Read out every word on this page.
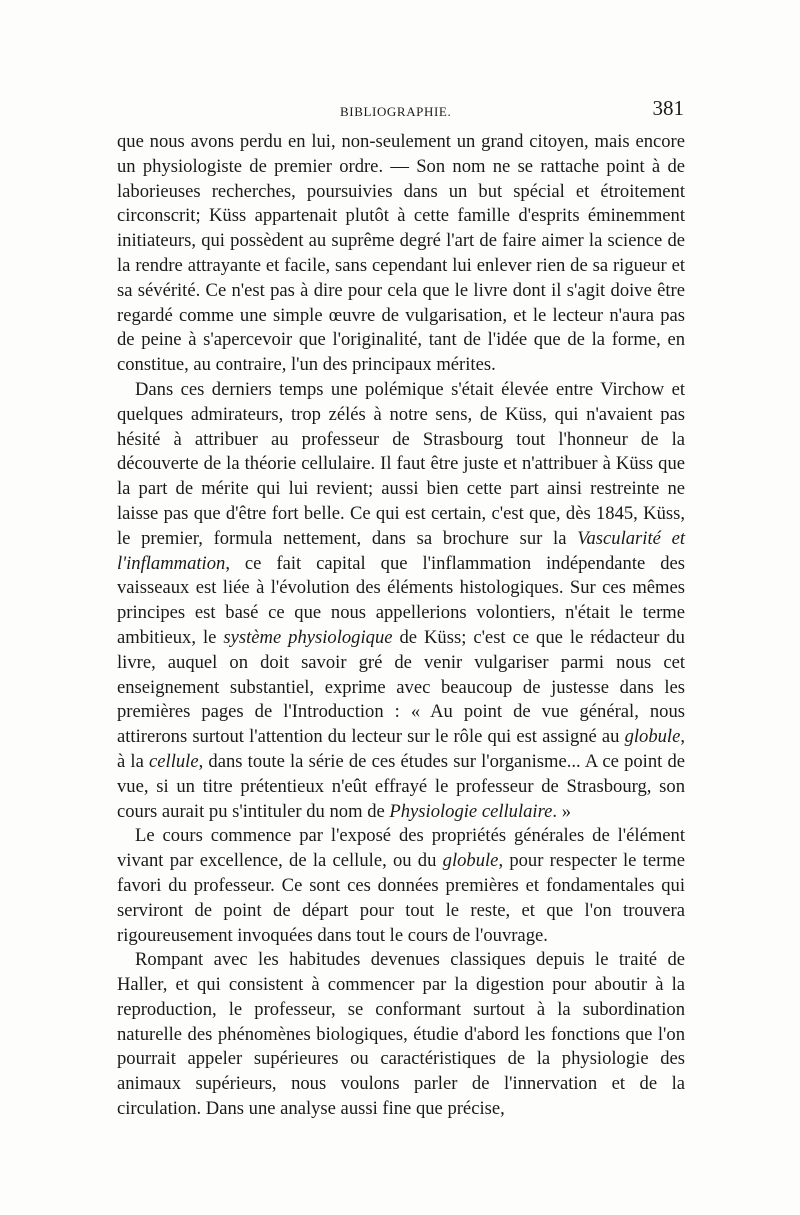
BIBLIOGRAPHIE.	381

que nous avons perdu en lui, non-seulement un grand citoyen, mais encore un physiologiste de premier ordre. — Son nom ne se rattache point à de laborieuses recherches, poursuivies dans un but spécial et étroitement circonscrit; Küss appartenait plutôt à cette famille d'esprits éminemment initiateurs, qui possèdent au suprême degré l'art de faire aimer la science de la rendre attrayante et facile, sans cependant lui enlever rien de sa rigueur et sa sévérité. Ce n'est pas à dire pour cela que le livre dont il s'agit doive être regardé comme une simple œuvre de vulgarisation, et le lecteur n'aura pas de peine à s'apercevoir que l'originalité, tant de l'idée que de la forme, en constitue, au contraire, l'un des principaux mérites.

Dans ces derniers temps une polémique s'était élevée entre Virchow et quelques admirateurs, trop zélés à notre sens, de Küss, qui n'avaient pas hésité à attribuer au professeur de Strasbourg tout l'honneur de la découverte de la théorie cellulaire. Il faut être juste et n'attribuer à Küss que la part de mérite qui lui revient; aussi bien cette part ainsi restreinte ne laisse pas que d'être fort belle. Ce qui est certain, c'est que, dès 1845, Küss, le premier, formula nettement, dans sa brochure sur la Vascularité et l'inflammation, ce fait capital que l'inflammation indépendante des vaisseaux est liée à l'évolution des éléments histologiques. Sur ces mêmes principes est basé ce que nous appellerions volontiers, n'était le terme ambitieux, le système physiologique de Küss; c'est ce que le rédacteur du livre, auquel on doit savoir gré de venir vulgariser parmi nous cet enseignement substantiel, exprime avec beaucoup de justesse dans les premières pages de l'Introduction : « Au point de vue général, nous attirerons surtout l'attention du lecteur sur le rôle qui est assigné au globule, à la cellule, dans toute la série de ces études sur l'organisme... A ce point de vue, si un titre prétentieux n'eût effrayé le professeur de Strasbourg, son cours aurait pu s'intituler du nom de Physiologie cellulaire. »

Le cours commence par l'exposé des propriétés générales de l'élément vivant par excellence, de la cellule, ou du globule, pour respecter le terme favori du professeur. Ce sont ces données premières et fondamentales qui serviront de point de départ pour tout le reste, et que l'on trouvera rigoureusement invoquées dans tout le cours de l'ouvrage.

Rompant avec les habitudes devenues classiques depuis le traité de Haller, et qui consistent à commencer par la digestion pour aboutir à la reproduction, le professeur, se conformant surtout à la subordination naturelle des phénomènes biologiques, étudie d'abord les fonctions que l'on pourrait appeler supérieures ou caractéristiques de la physiologie des animaux supérieurs, nous voulons parler de l'innervation et de la circulation. Dans une analyse aussi fine que précise,
